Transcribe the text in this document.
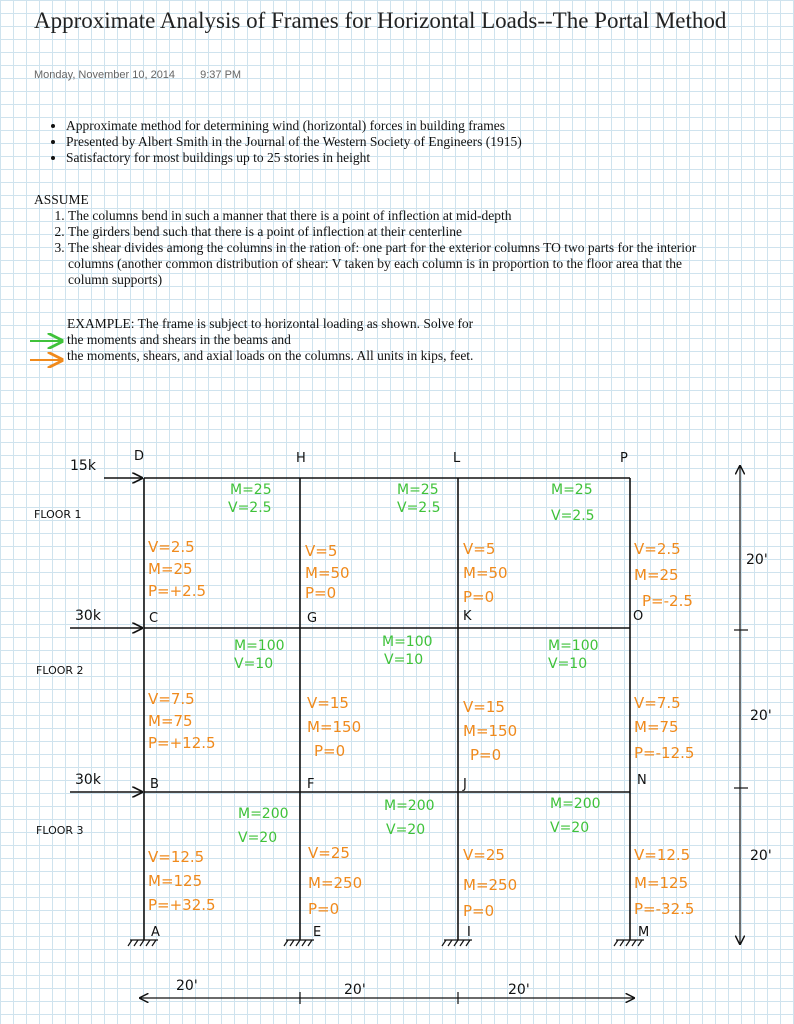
Approximate Analysis of Frames for Horizontal Loads--The Portal Method
Monday, November 10, 2014 9:37 PM
• Approximate method for determining wind (horizontal) forces in building frames
• Presented by Albert Smith in the Journal of the Western Society of Engineers (1915)
• Satisfactory for most buildings up to 25 stories in height
ASSUME
1. The columns bend in such a manner that there is a point of inflection at mid-depth
2. The girders bend such that there is a point of inflection at their centerline
3. The shear divides among the columns in the ration of: one part for the exterior columns TO two parts for the interior columns (another common distribution of shear: V taken by each column is in proportion to the floor area that the column supports)
EXAMPLE: The frame is subject to horizontal loading as shown. Solve for
the moments and shears in the beams and
the moments, shears, and axial loads on the columns. All units in kips, feet.
15k
30k
30k
FLOOR 1
FLOOR 2
FLOOR 3
D	H	L	P
C	G	K	O
B	F	J	N
A	E	I	M
M=25
V=2.5
M=25
V=2.5
M=25
V=2.5
M=100
V=10
M=100
V=10
M=100
V=10
M=200
V=20
M=200
V=20
M=200
V=20
V=2.5
M=25
P=+2.5
V=5
M=50
P=0
V=5
M=50
P=0
V=2.5
M=25
P=-2.5
V=7.5
M=75
P=+12.5
V=15
M=150
P=0
V=15
M=150
P=0
V=7.5
M=75
P=-12.5
V=12.5
M=125
P=+32.5
V=25
M=250
P=0
V=25
M=250
P=0
V=12.5
M=125
P=-32.5
20'
20'
20'
20'	20'	20'
